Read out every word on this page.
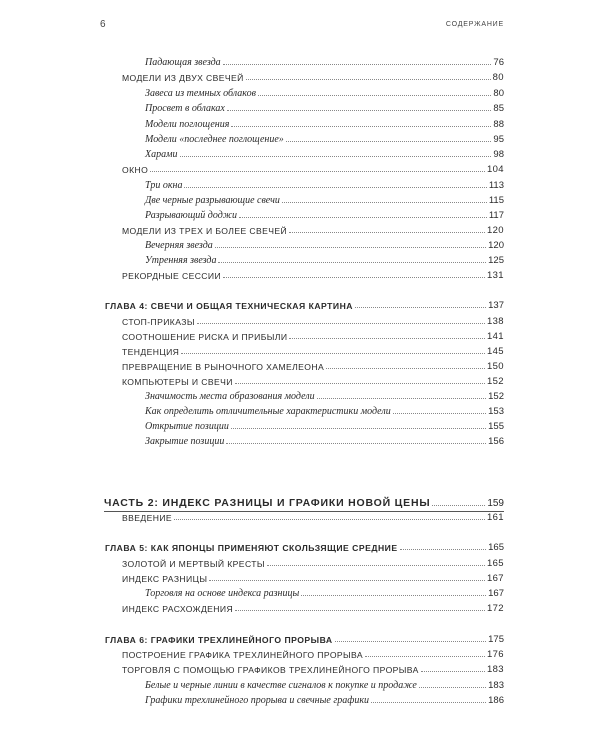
6	СОДЕРЖАНИЕ
Падающая звезда	76
МОДЕЛИ ИЗ ДВУХ СВЕЧЕЙ	80
Завеса из темных облаков	80
Просвет в облаках	85
Модели поглощения	88
Модели «последнее поглощение»	95
Харами	98
ОКНО	104
Три окна	113
Две черные разрывающие свечи	115
Разрывающий доджи	117
МОДЕЛИ ИЗ ТРЕХ И БОЛЕЕ СВЕЧЕЙ	120
Вечерняя звезда	120
Утренняя звезда	125
РЕКОРДНЫЕ СЕССИИ	131
ГЛАВА 4: СВЕЧИ И ОБЩАЯ ТЕХНИЧЕСКАЯ КАРТИНА	137
СТОП-ПРИКАЗЫ	138
СООТНОШЕНИЕ РИСКА И ПРИБЫЛИ	141
ТЕНДЕНЦИЯ	145
ПРЕВРАЩЕНИЕ В РЫНОЧНОГО ХАМЕЛЕОНА	150
КОМПЬЮТЕРЫ И СВЕЧИ	152
Значимость места образования модели	152
Как определить отличительные характеристики модели	153
Открытие позиции	155
Закрытие позиции	156
ЧАСТЬ 2: ИНДЕКС РАЗНИЦЫ И ГРАФИКИ НОВОЙ ЦЕНЫ	159
ВВЕДЕНИЕ	161
ГЛАВА 5: КАК ЯПОНЦЫ ПРИМЕНЯЮТ СКОЛЬЗЯЩИЕ СРЕДНИЕ	165
ЗОЛОТОЙ И МЕРТВЫЙ КРЕСТЫ	165
ИНДЕКС РАЗНИЦЫ	167
Торговля на основе индекса разницы	167
ИНДЕКС РАСХОЖДЕНИЯ	172
ГЛАВА 6: ГРАФИКИ ТРЕХЛИНЕЙНОГО ПРОРЫВА	175
ПОСТРОЕНИЕ ГРАФИКА ТРЕХЛИНЕЙНОГО ПРОРЫВА	176
ТОРГОВЛЯ С ПОМОЩЬЮ ГРАФИКОВ ТРЕХЛИНЕЙНОГО ПРОРЫВА	183
Белые и черные линии в качестве сигналов к покупке и продаже	183
Графики трехлинейного прорыва и свечные графики	186
